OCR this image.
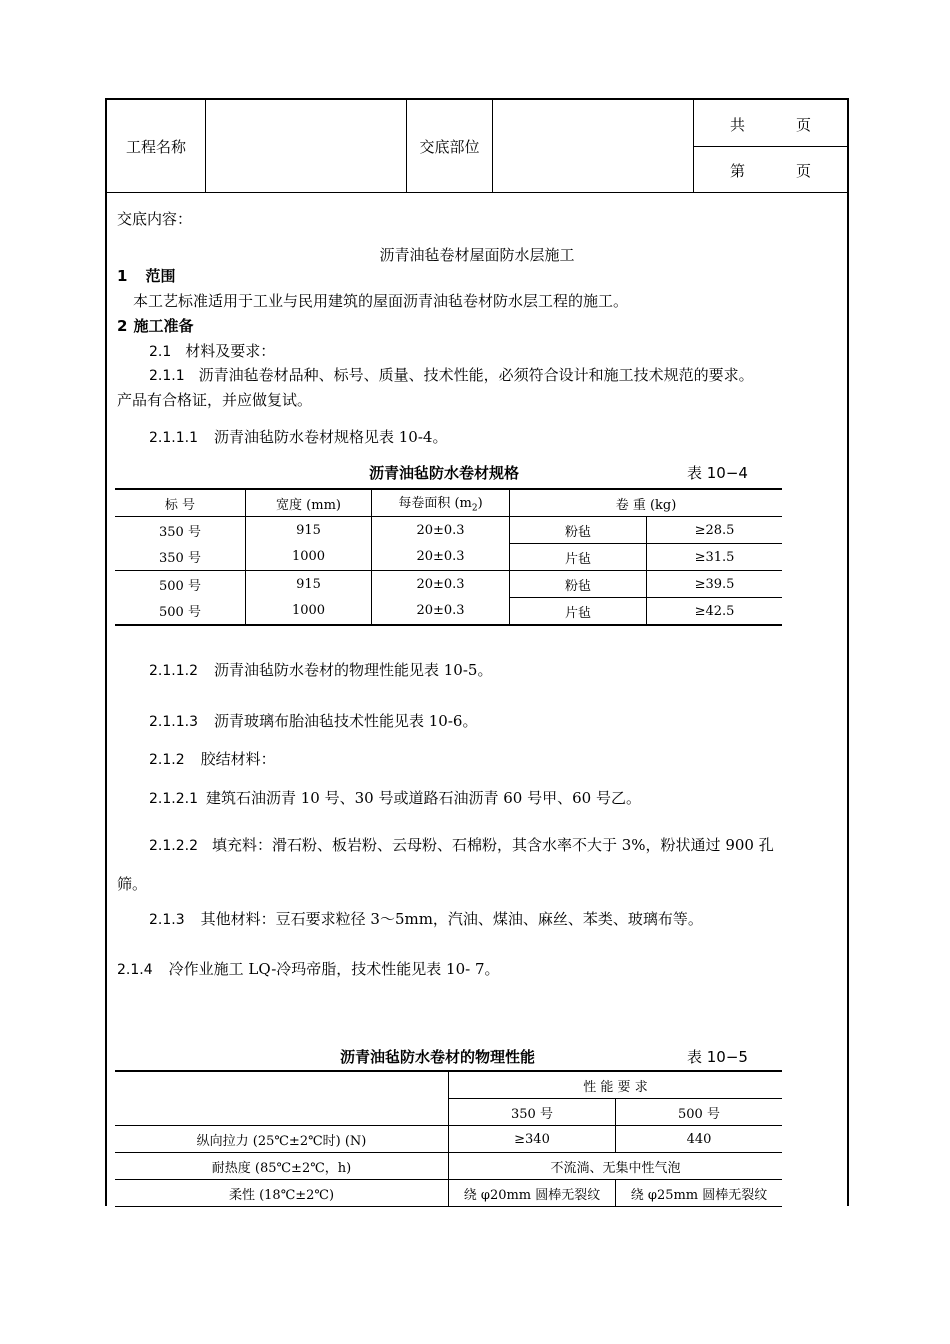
工程名称	交底部位
共	页
第	页
交底内容：
沥青油毡卷材屋面防水层施工
1 范围
本工艺标准适用于工业与民用建筑的屋面沥青油毡卷材防水层工程的施工。
2 施工准备
2.1 材料及要求：
2.1.1 沥青油毡卷材品种、标号、质量、技术性能，必须符合设计和施工技术规范的要求。
产品有合格证，并应做复试。
2.1.1.1 沥青油毡防水卷材规格见表 10-4。
沥青油毡防水卷材规格	表 10−4
标 号	宽度 (mm)	每卷面积 $(m_2)$	卷 重 (kg)	
350 号	915	20±0.3	粉毡	≥28.5
350 号	1000	20±0.3	片毡	≥31.5
500 号	915	20±0.3	粉毡	≥39.5
500 号	1000	20±0.3	片毡	≥42.5
2.1.1.2 沥青油毡防水卷材的物理性能见表 10-5。
2.1.1.3 沥青玻璃布胎油毡技术性能见表 10-6。
2.1.2 胶结材料：
2.1.2.1 建筑石油沥青 10 号、30 号或道路石油沥青 60 号甲、60 号乙。
2.1.2.2 填充料：滑石粉、板岩粉、云母粉、石棉粉，其含水率不大于 3%，粉状通过 900 孔
筛。
2.1.3 其他材料：豆石要求粒径 3～5mm，汽油、煤油、麻丝、苯类、玻璃布等。
2.1.4 冷作业施工 LQ-冷玛帝脂，技术性能见表 10- 7。
沥青油毡防水卷材的物理性能	表 10−5
	性 能 要 求	
	350 号	500 号
纵向拉力 (25℃±2℃时) (N)	≥340	440
耐热度 (85℃±2℃，h)	不流淌、无集中性气泡	
柔性 (18℃±2℃)	绕 φ20mm 圆棒无裂纹	绕 φ25mm 圆棒无裂纹
